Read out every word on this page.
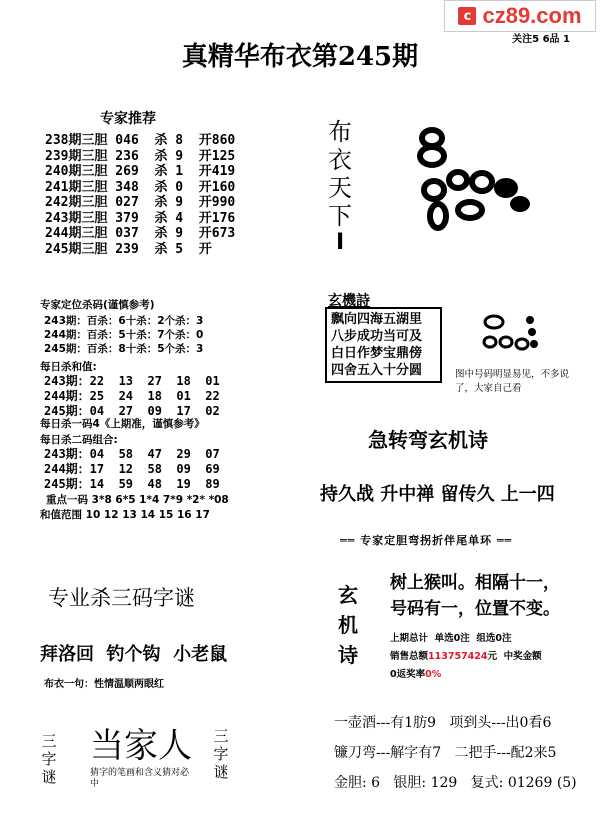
c cz89.com
关注5 6品 1
真精华布衣第245期
专家推荐
238期三胆 046  杀 8  开860
239期三胆 236  杀 9  开125
240期三胆 269  杀 1  开419
241期三胆 348  杀 0  开160
242期三胆 027  杀 9  开990
243期三胆 379  杀 4  开176
244期三胆 037  杀 9  开673
245期三胆 239  杀 5  开
专家定位杀码(谨慎参考)
243期：百杀：6十杀：2个杀：3
244期：百杀：5十杀：7个杀：0
245期：百杀：8十杀：5个杀：3
每日杀和值:
243期：22  13  27  18  01
244期：25  24  18  01  22
245期：04  27  09  17  02
每日杀一码4《上期准，谨慎参考》
每日杀二码组合:
243期：04  58  47  29  07
244期：17  12  58  09  69
245期：14  59  48  19  89
重点一码 3*8 6*5 1*4 7*9 *2* *08
和值范围 10 12 13 14 15 16 17
专业杀三码字谜
拜洛回  钓个钩  小老鼠
布衣一句：性情温顺两眼红
三字谜
当家人
猜字的笔画和含义猜对必中
三字谜
布衣天下
I
玄機詩
飘向四海五湖里
八步成功当可及
白日作梦宝鼎傍
四舍五入十分圆	图中号码明显易见，不多说了，大家自己看
急转弯玄机诗
持久战 升中禅 留传久 上一四
══ 专家定胆弯拐折伴尾单环 ══
玄机诗
树上猴叫。相隔十一，
号码有一，位置不变。
上期总计  单选0注  组选0注
销售总额113757424元  中奖金额
0返奖率0%
一壶酒---有1肪9   项到头---出0看6
镰刀弯---解字有7   二把手---配2来5
金胆: 6   银胆: 129   复式: 01269 (5)
